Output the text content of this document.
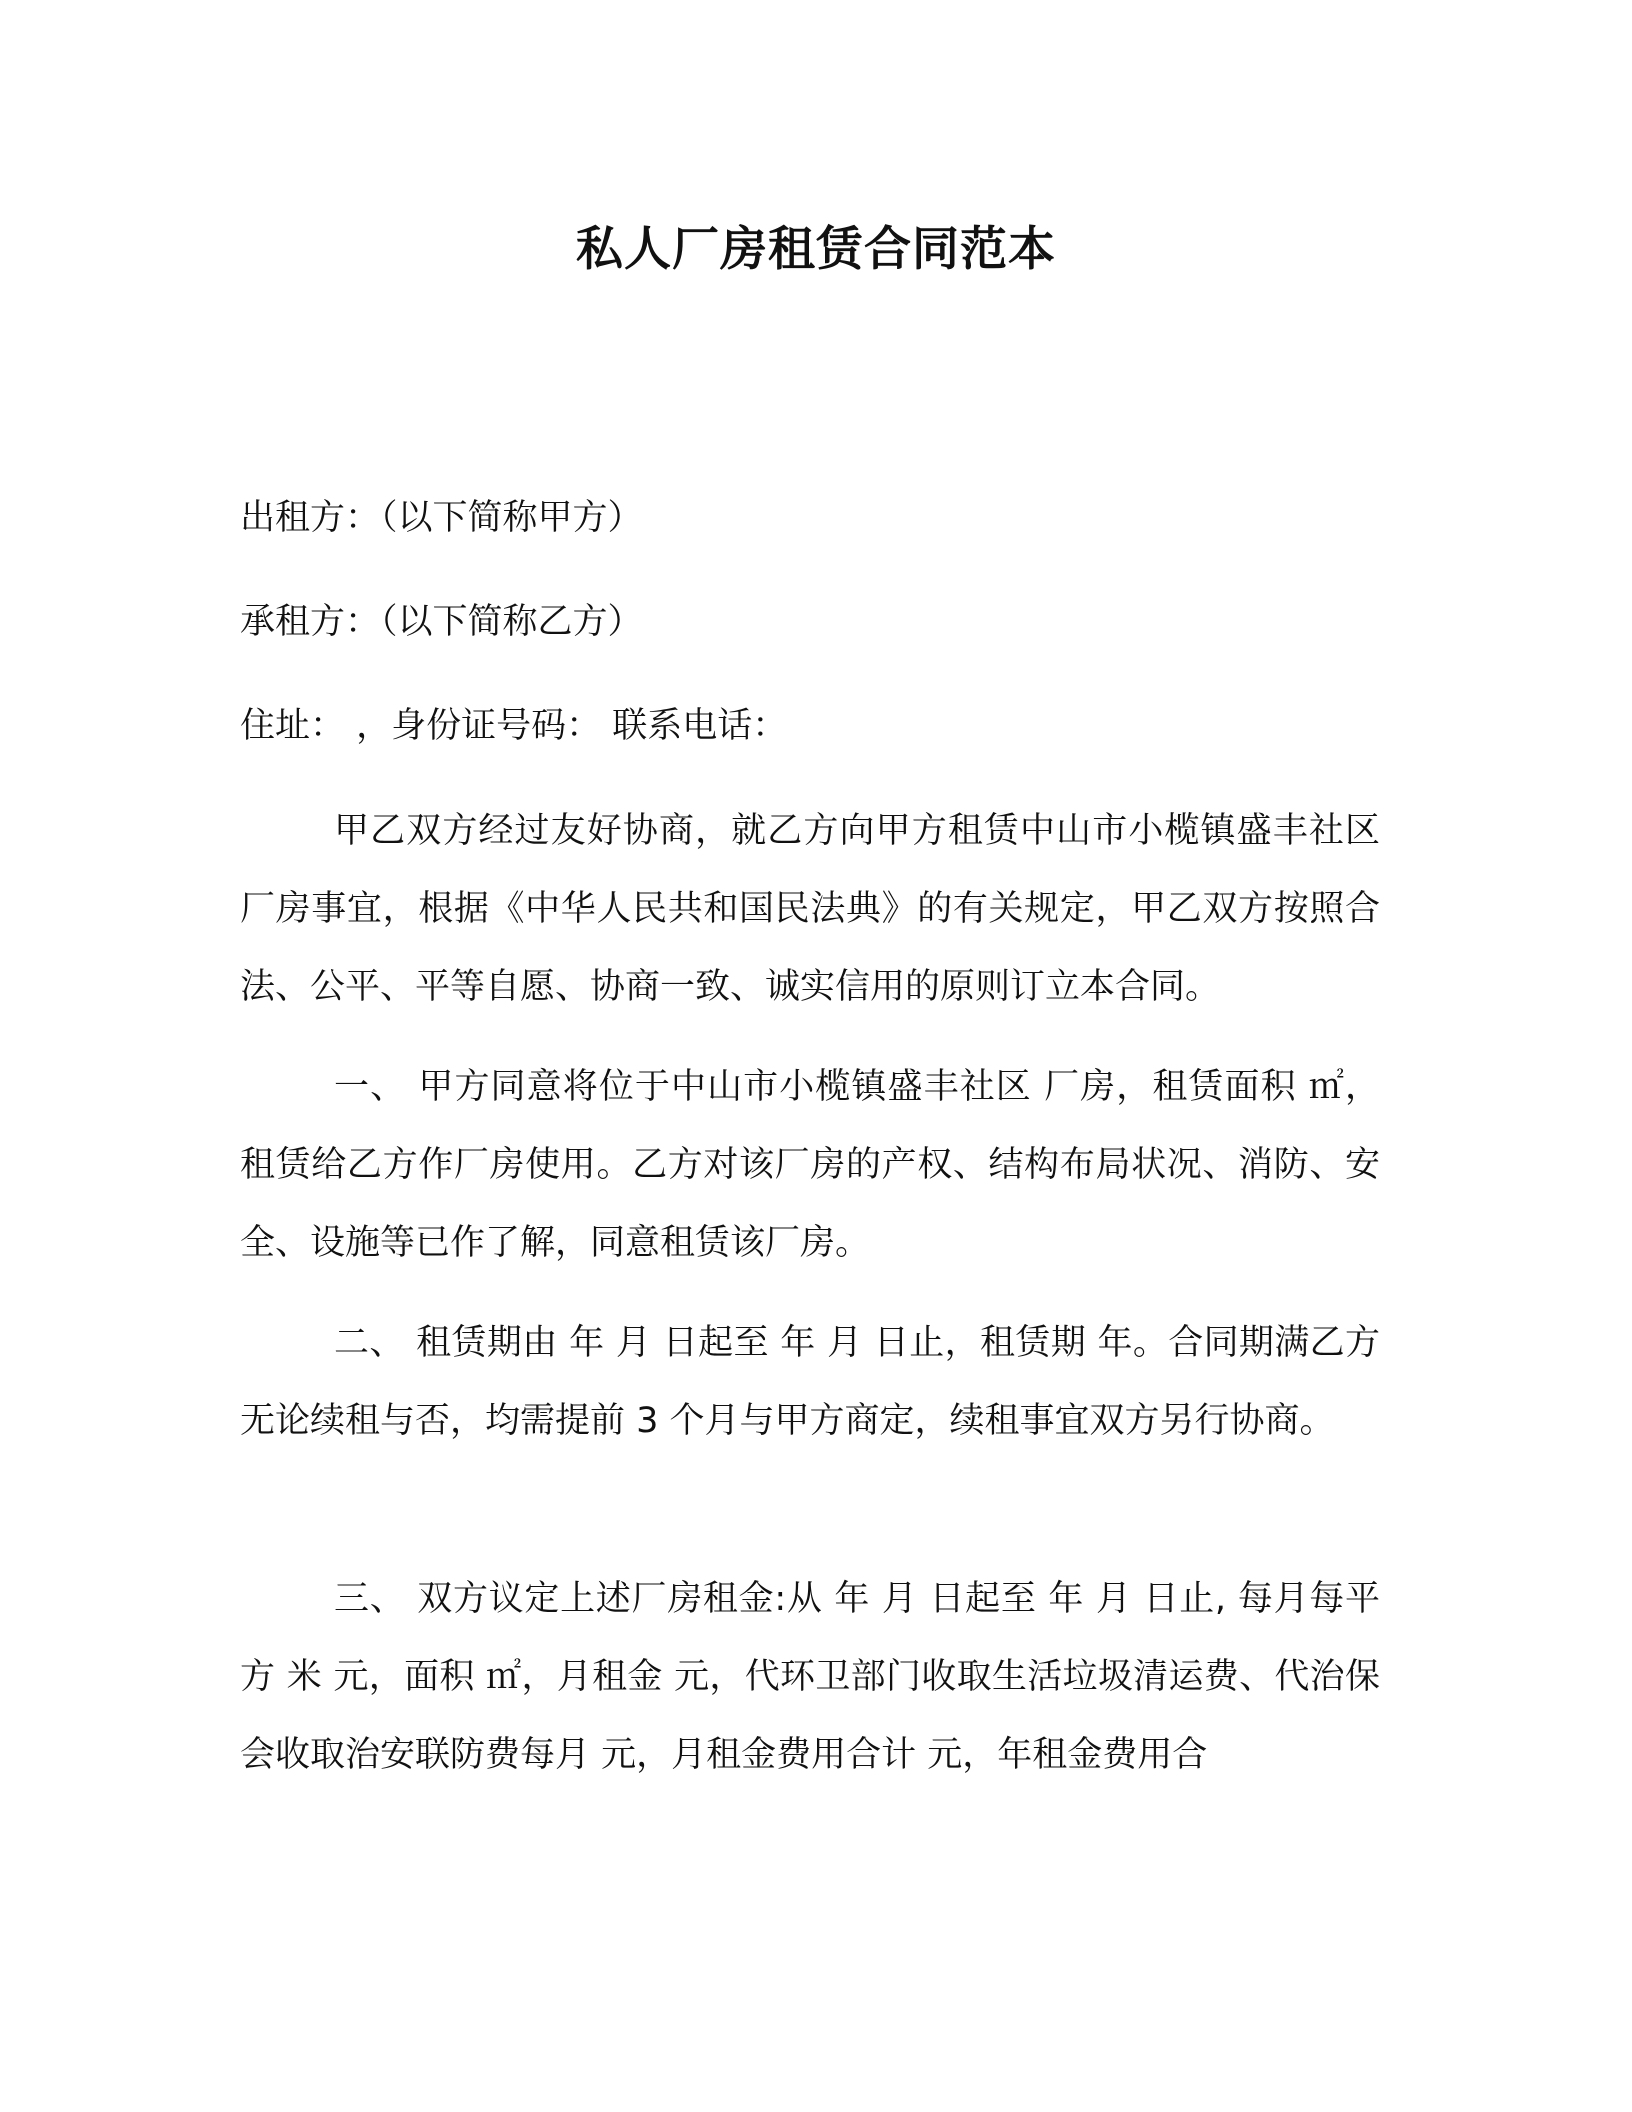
私人厂房租赁合同范本

出租方：（以下简称甲方）

承租方：（以下简称乙方）

住址： ，身份证号码： 联系电话：

甲乙双方经过友好协商，就乙方向甲方租赁中山市小榄镇盛丰社区 厂房事宜，根据《中华人民共和国民法典》的有关规定，甲乙双方按照合法、公平、平等自愿、协商一致、诚实信用的原则订立本合同。

一、 甲方同意将位于中山市小榄镇盛丰社区 厂房，租赁面积 ㎡，租赁给乙方作厂房使用。乙方对该厂房的产权、结构布局状况、消防、安全、设施等已作了解，同意租赁该厂房。

二、 租赁期由 年 月 日起至 年 月 日止，租赁期 年。合同期满乙方无论续租与否，均需提前 3 个月与甲方商定，续租事宜双方另行协商。

三、 双方议定上述厂房租金:从 年 月 日起至 年 月 日止, 每月每平方 米 元，面积 ㎡，月租金 元，代环卫部门收取生活垃圾清运费、代治保会收取治安联防费每月 元，月租金费用合计 元，年租金费用合
